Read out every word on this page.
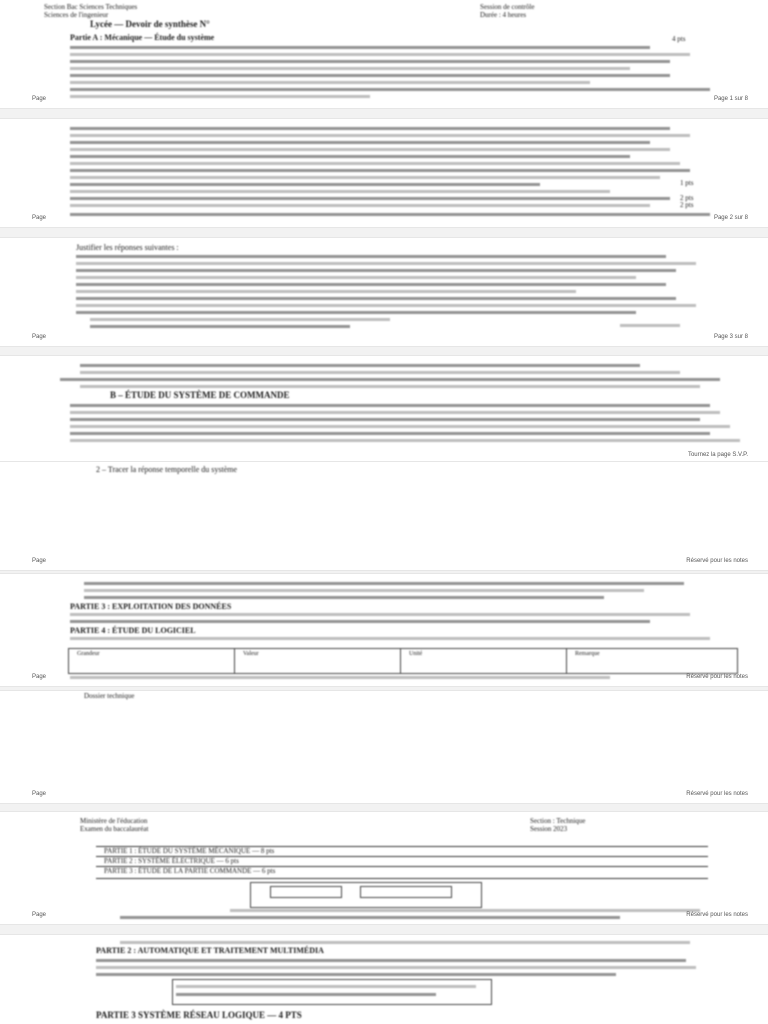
Section Bac Sciences Techniques
Sciences de l'ingenieur
Session de contrôle
Durée : 4 heures
Lycée — Devoir de synthèse N°
Partie A : Mécanique — Étude du système	4 pts
Page	Page 1 sur 8
1 pts
2 pts
2 pts
Page	Page 2 sur 8
Justifier les réponses suivantes :
Page	Page 3 sur 8
B – ÉTUDE DU SYSTÈME DE COMMANDE
Tournez la page S.V.P.
2 – Tracer la réponse temporelle du système
Page	Réservé pour les notes
PARTIE 3 : EXPLOITATION DES DONNÉES
PARTIE 4 : ÉTUDE DU LOGICIEL
Grandeur	Valeur	Unité	Remarque
Page	Réservé pour les notes
Dossier technique
Page	Réservé pour les notes
Ministère de l'éducation
Examen du baccalauréat
Section : Technique
Session 2023
PARTIE 1 : ÉTUDE DU SYSTÈME MÉCANIQUE — 8 pts
PARTIE 2 : SYSTÈME ÉLECTRIQUE — 6 pts
PARTIE 3 : ÉTUDE DE LA PARTIE COMMANDE — 6 pts
Page	Réservé pour les notes
PARTIE 2 : AUTOMATIQUE ET TRAITEMENT MULTIMÉDIA
PARTIE 3 SYSTÈME RÉSEAU LOGIQUE — 4 PTS
